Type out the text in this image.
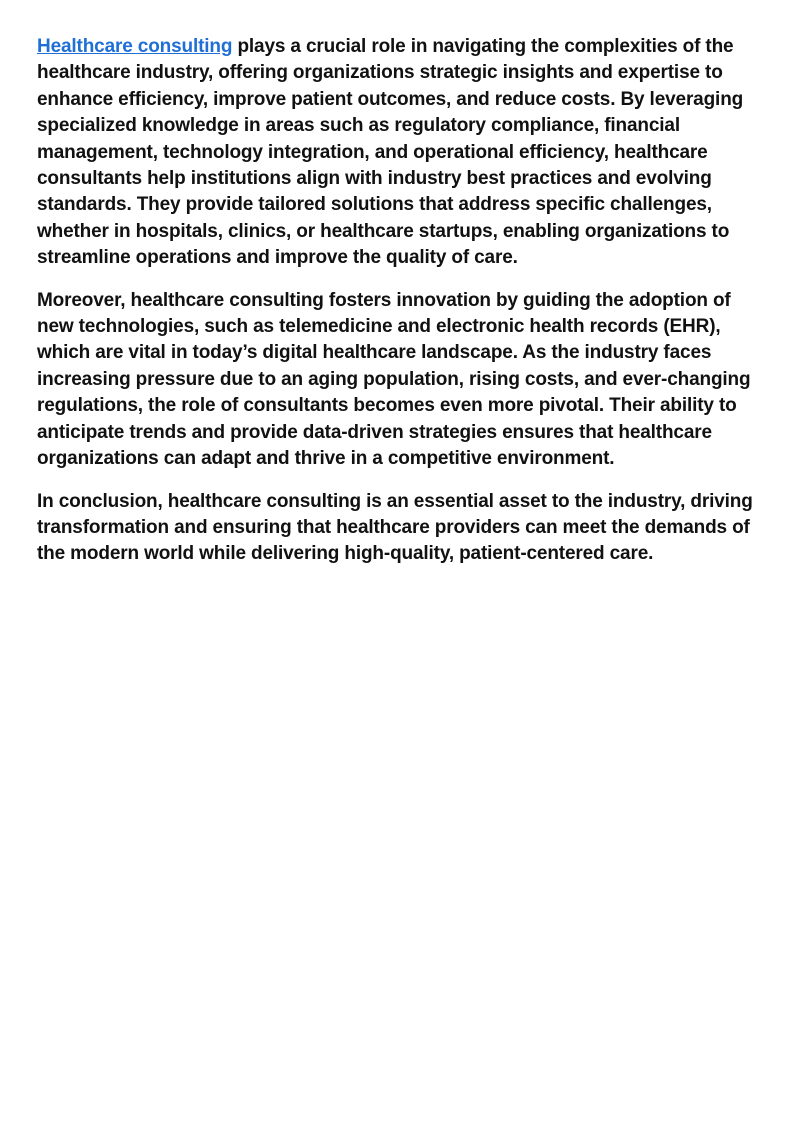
Healthcare consulting plays a crucial role in navigating the complexities of the healthcare industry, offering organizations strategic insights and expertise to enhance efficiency, improve patient outcomes, and reduce costs. By leveraging specialized knowledge in areas such as regulatory compliance, financial management, technology integration, and operational efficiency, healthcare consultants help institutions align with industry best practices and evolving standards. They provide tailored solutions that address specific challenges, whether in hospitals, clinics, or healthcare startups, enabling organizations to streamline operations and improve the quality of care.

Moreover, healthcare consulting fosters innovation by guiding the adoption of new technologies, such as telemedicine and electronic health records (EHR), which are vital in today’s digital healthcare landscape. As the industry faces increasing pressure due to an aging population, rising costs, and ever-changing regulations, the role of consultants becomes even more pivotal. Their ability to anticipate trends and provide data-driven strategies ensures that healthcare organizations can adapt and thrive in a competitive environment.

In conclusion, healthcare consulting is an essential asset to the industry, driving transformation and ensuring that healthcare providers can meet the demands of the modern world while delivering high-quality, patient-centered care.
